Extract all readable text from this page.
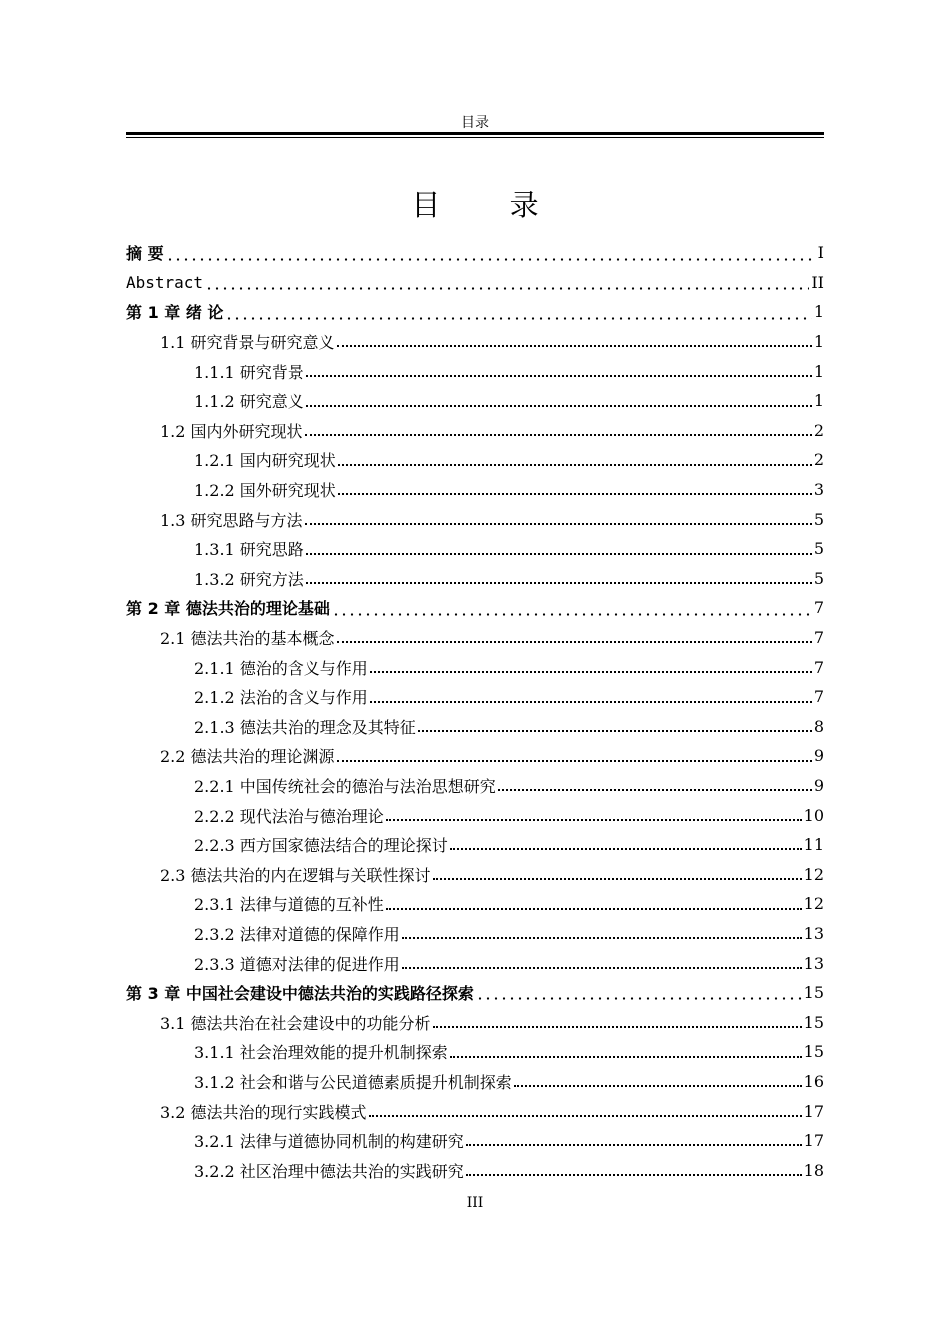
目录
目 录
摘 要	I
Abstract	II
第 1 章 绪 论	1
1.1 研究背景与研究意义	1
1.1.1 研究背景	1
1.1.2 研究意义	1
1.2 国内外研究现状	2
1.2.1 国内研究现状	2
1.2.2 国外研究现状	3
1.3 研究思路与方法	5
1.3.1 研究思路	5
1.3.2 研究方法	5
第 2 章 德法共治的理论基础	7
2.1 德法共治的基本概念	7
2.1.1 德治的含义与作用	7
2.1.2 法治的含义与作用	7
2.1.3 德法共治的理念及其特征	8
2.2 德法共治的理论渊源	9
2.2.1 中国传统社会的德治与法治思想研究	9
2.2.2 现代法治与德治理论	10
2.2.3 西方国家德法结合的理论探讨	11
2.3 德法共治的内在逻辑与关联性探讨	12
2.3.1 法律与道德的互补性	12
2.3.2 法律对道德的保障作用	13
2.3.3 道德对法律的促进作用	13
第 3 章 中国社会建设中德法共治的实践路径探索	15
3.1 德法共治在社会建设中的功能分析	15
3.1.1 社会治理效能的提升机制探索	15
3.1.2 社会和谐与公民道德素质提升机制探索	16
3.2 德法共治的现行实践模式	17
3.2.1 法律与道德协同机制的构建研究	17
3.2.2 社区治理中德法共治的实践研究	18
III
